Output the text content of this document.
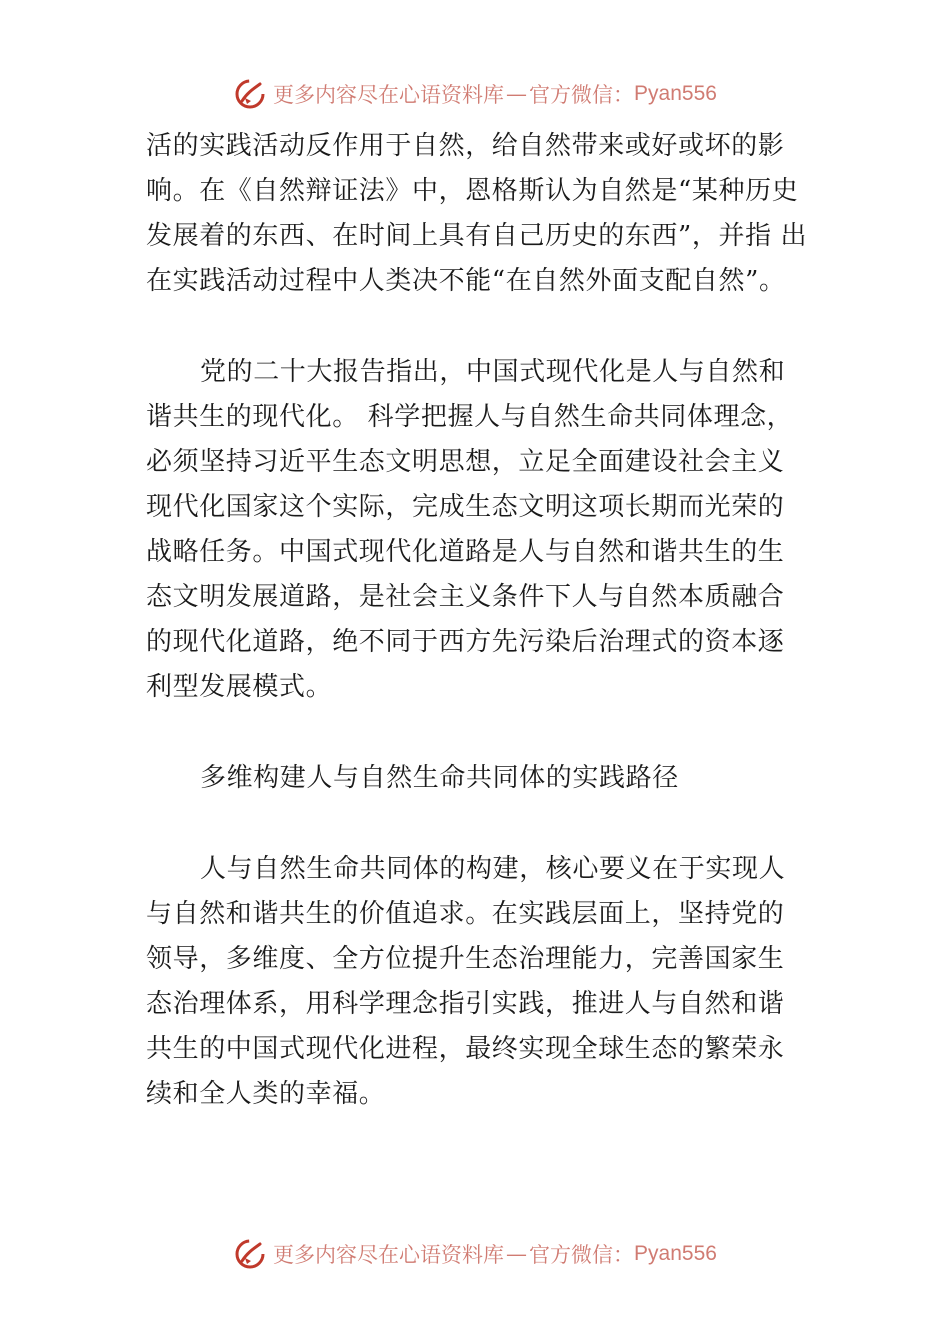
更多内容尽在心语资料库 — 官方微信： Pyan556

活的实践活动反作用于自然，给自然带来或好或坏的影
响。在《自然辩证法》中，恩格斯认为自然是“某种历史
发展着的东西、在时间上具有自己历史的东西”，并指 出
在实践活动过程中人类决不能“在自然外面支配自然”。

党的二十大报告指出，中国式现代化是人与自然和
谐共生的现代化。 科学把握人与自然生命共同体理念，
必须坚持习近平生态文明思想，立足全面建设社会主义
现代化国家这个实际，完成生态文明这项长期而光荣的
战略任务。中国式现代化道路是人与自然和谐共生的生
态文明发展道路，是社会主义条件下人与自然本质融合
的现代化道路，绝不同于西方先污染后治理式的资本逐
利型发展模式。

多维构建人与自然生命共同体的实践路径

人与自然生命共同体的构建，核心要义在于实现人
与自然和谐共生的价值追求。在实践层面上，坚持党的
领导，多维度、全方位提升生态治理能力，完善国家生
态治理体系，用科学理念指引实践，推进人与自然和谐
共生的中国式现代化进程，最终实现全球生态的繁荣永
续和全人类的幸福。

更多内容尽在心语资料库 — 官方微信： Pyan556
